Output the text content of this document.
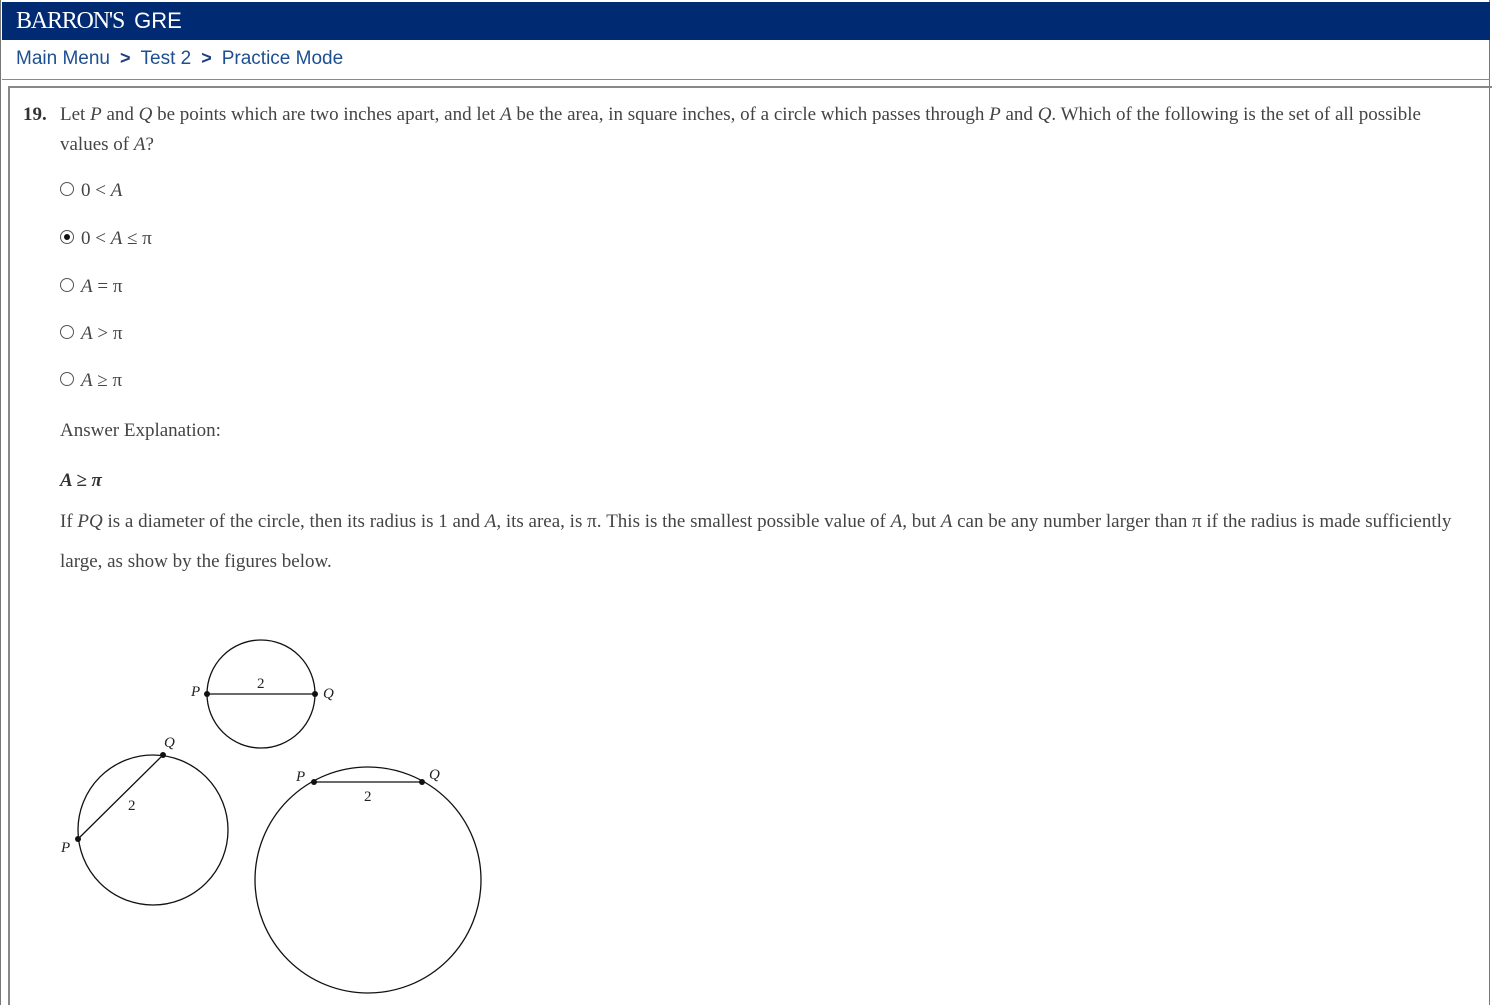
BARRON'S GRE
Main Menu > Test 2 > Practice Mode
19. Let P and Q be points which are two inches apart, and let A be the area, in square inches, of a circle which passes through P and Q. Which of the following is the set of all possible values of A?
0 < A
0 < A ≤ π
A = π
A > π
A ≥ π
Answer Explanation:
A ≥ π
If PQ is a diameter of the circle, then its radius is 1 and A, its area, is π. This is the smallest possible value of A, but A can be any number larger than π if the radius is made sufficiently large, as show by the figures below.
P	Q
2
P
Q
2
P	Q
2
